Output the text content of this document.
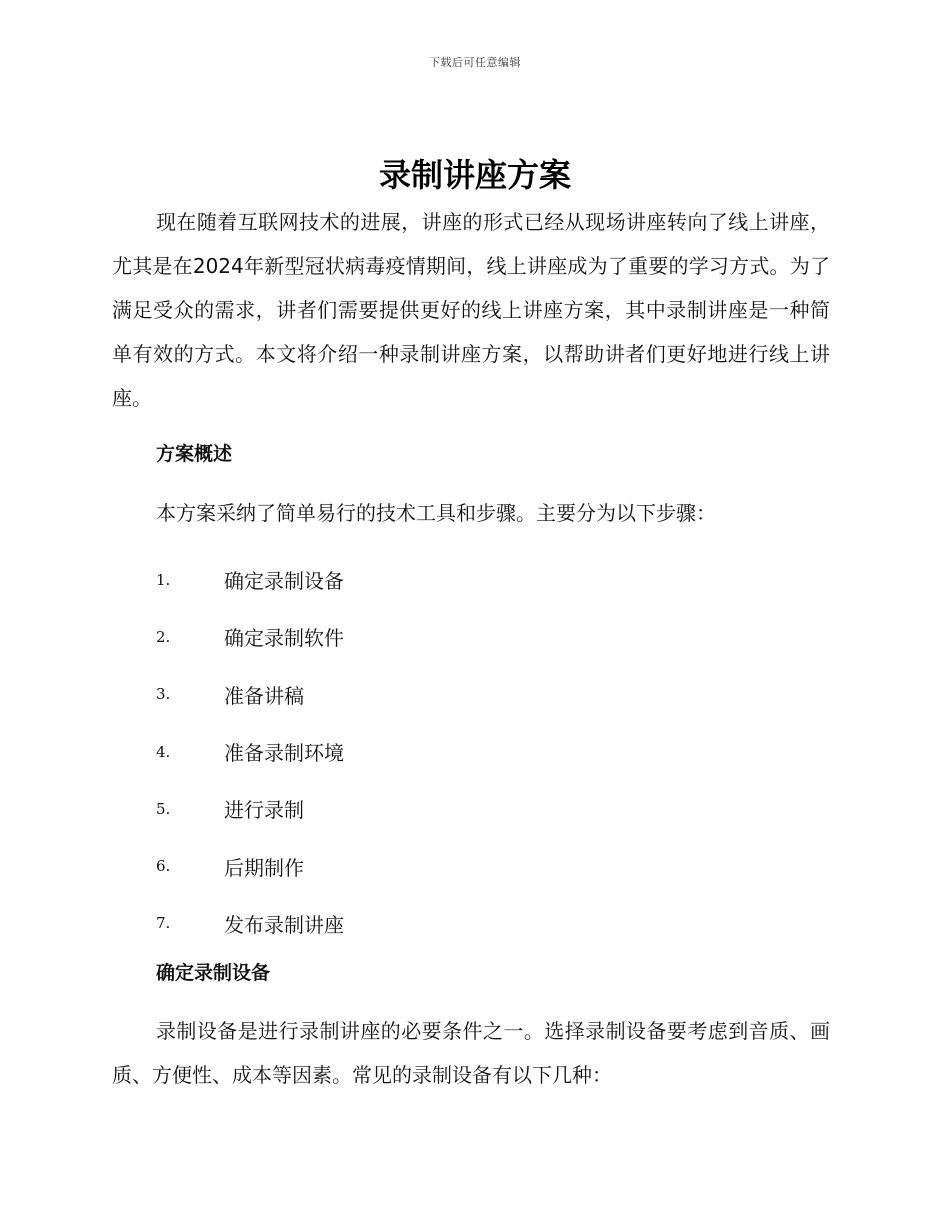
下载后可任意编辑
录制讲座方案

现在随着互联网技术的进展，讲座的形式已经从现场讲座转向了线上讲座，尤其是在2024年新型冠状病毒疫情期间，线上讲座成为了重要的学习方式。为了满足受众的需求，讲者们需要提供更好的线上讲座方案，其中录制讲座是一种简单有效的方式。本文将介绍一种录制讲座方案，以帮助讲者们更好地进行线上讲座。

方案概述

本方案采纳了简单易行的技术工具和步骤。主要分为以下步骤：

1.	确定录制设备
2.	确定录制软件
3.	准备讲稿
4.	准备录制环境
5.	进行录制
6.	后期制作
7.	发布录制讲座
确定录制设备

录制设备是进行录制讲座的必要条件之一。选择录制设备要考虑到音质、画质、方便性、成本等因素。常见的录制设备有以下几种：
